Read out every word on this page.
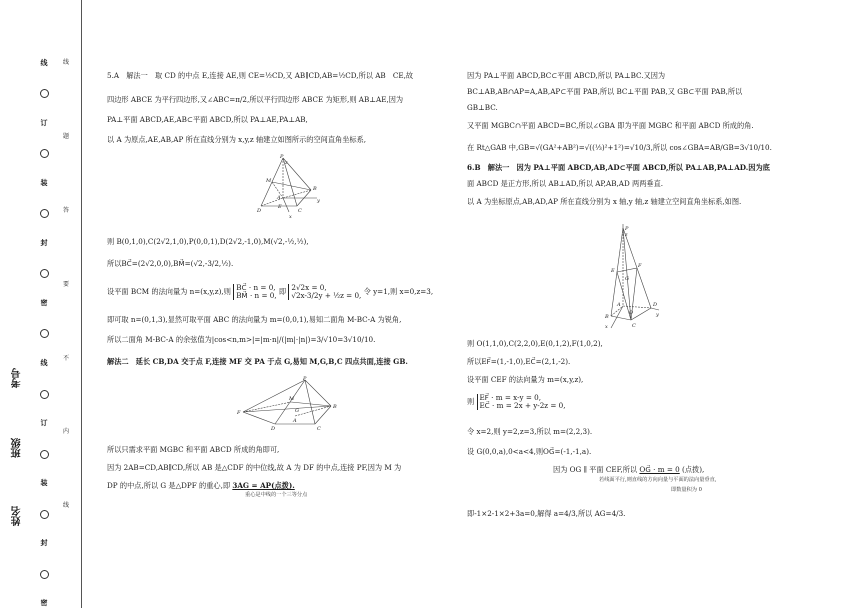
线
订
装
封
密
线
订
装
封
密
线
题
答
要
不
内
线
姓名
班级
考号
5.A　解法一　取 CD 的中点 E,连接 AE,则 CE=½CD,又 AB∥CD,AB=½CD,所以 AB　CE,故
四边形 ABCE 为平行四边形,又∠ABC=π/2,所以平行四边形 ABCE 为矩形,则 AB⊥AE,因为
PA⊥平面 ABCD,AE,AB⊂平面 ABCD,所以 PA⊥AE,PA⊥AB,
以 A 为原点,AE,AB,AP 所在直线分别为 x,y,z 轴建立如图所示的空间直角坐标系,
P
M
A
B
C
D
E
x
y
z
则 B(0,1,0),C(2√2,1,0),P(0,0,1),D(2√2,-1,0),M(√2,-½,½),
所以BC⃗=(2√2,0,0),BM⃗=(√2,-3/2,½).
设平面 BCM 的法向量为 n=(x,y,z),则 BC⃗ · n = 0,
BM⃗ · n = 0, 即 2√2x = 0,
√2x-3/2y + ½z = 0, 令 y=1,则 x=0,z=3,
即可取 n=(0,1,3),显然可取平面 ABC 的法向量为 m=(0,0,1),易知二面角 M-BC-A 为锐角,
所以二面角 M-BC-A 的余弦值为|cos<n,m>|=|m·n|/(|m|·|n|)=3/√10=3√10/10.
解法二　延长 CB,DA 交于点 F,连接 MF 交 PA 于点 G,易知 M,G,B,C 四点共面,连接 GB.
P
M
G
F
A
B
C
D
所以只需求平面 MGBC 和平面 ABCD 所成的角即可,
因为 2AB=CD,AB∥CD,所以 AB 是△CDF 的中位线,故 A 为 DF 的中点,连接 PF,因为 M 为
DP 的中点,所以 G 是△DPF 的重心,即 3AG = AP(点拨).
重心是中线的一个三等分点
因为 PA⊥平面 ABCD,BC⊂平面 ABCD,所以 PA⊥BC.又因为
BC⊥AB,AB∩AP=A,AB,AP⊂平面 PAB,所以 BC⊥平面 PAB,又 GB⊂平面 PAB,所以
GB⊥BC.
又平面 MGBC∩平面 ABCD=BC,所以∠GBA 即为平面 MGBC 和平面 ABCD 所成的角.
在 Rt△GAB 中,GB=√(GA²+AB²)=√((⅓)²+1²)=√10/3,所以 cos∠GBA=AB/GB=3√10/10.
6.B　解法一　因为 PA⊥平面 ABCD,AB,AD⊂平面 ABCD,所以 PA⊥AB,PA⊥AD.因为底
面 ABCD 是正方形,所以 AB⊥AD,所以 AP,AB,AD 两两垂直.
以 A 为坐标原点,AB,AD,AP 所在直线分别为 x 轴,y 轴,z 轴建立空间直角坐标系,如图.
P
E
G
F
A
B
C
D
O
x
y
z
则 O(1,1,0),C(2,2,0),E(0,1,2),F(1,0,2),
所以EF⃗=(1,-1,0),EC⃗=(2,1,-2).
设平面 CEF 的法向量为 m=(x,y,z),
则 EF⃗ · m = x-y = 0,
EC⃗ · m = 2x + y-2z = 0,
令 x=2,则 y=2,z=3,所以 m=(2,2,3).
设 G(0,0,a),0<a<4,则OG⃗=(-1,-1,a).
因为 OG ∥ 平面 CEF,所以 OG⃗ · m = 0 (点拨),
若线面平行,则直线的方向向量与平面的法向量垂直,
即数量积为 0
即-1×2-1×2+3a=0,解得 a=4/3,所以 AG=4/3.
